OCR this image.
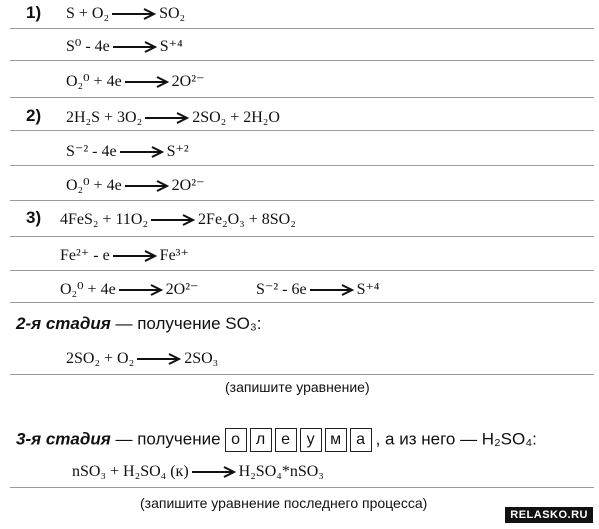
1) S + O₂	SO₂
S⁰ - 4e	S⁺⁴
O₂⁰ + 4e	2O²⁻
2) 2H₂S + 3O₂	2SO₂ + 2H₂O
S⁻² - 4e	S⁺²
O₂⁰ + 4e	2O²⁻
3) 4FeS₂ + 11O₂	2Fe₂O₃ + 8SO₂
Fe²⁺ - e	Fe³⁺
O₂⁰ + 4e	2O²⁻	S⁻² - 6e	S⁺⁴
2-я стадия — получение SO₃:
2SO₂ + O₂	2SO₃
(запишите уравнение)
3-я стадия — получение о л е	у м а , а из него — H₂SO₄:
nSO₃ + H₂SO₄ (к)	H₂SO₄*nSO₃
(запишите уравнение последнего процесса)
RELASKO.RU
